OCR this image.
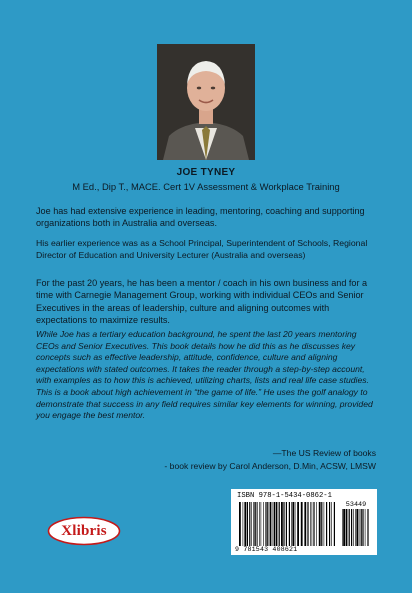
JOE TYNEY
M Ed., Dip T., MACE. Cert 1V Assessment & Workplace Training

Joe has had extensive experience in leading, mentoring, coaching and supporting organizations both in Australia and overseas.

His earlier experience was as a School Principal, Superintendent of Schools, Regional Director of Education and University Lecturer (Australia and overseas)

For the past 20 years, he has been a mentor / coach in his own business and for a time with Carnegie Management Group, working with individual CEOs and Senior Executives in the areas of leadership, culture and aligning outcomes with expectations to maximize results.

While Joe has a tertiary education background, he spent the last 20 years mentoring CEOs and Senior Executives. This book details how he did this as he discusses key concepts such as effective leadership, attitude, confidence, culture and aligning expectations with stated outcomes. It takes the reader through a step-by-step account, with examples as to how this is achieved, utilizing charts, lists and real life case studies. This is a book about high achievement in “the game of life.” He uses the golf analogy to demonstrate that success in any field requires similar key elements for winning, provided you engage the best mentor.

—The US Review of books
- book review by Carol Anderson, D.Min, ACSW, LMSW
Xlibris
ISBN 978-1-5434-0862-1
53449
9 781543 408621
